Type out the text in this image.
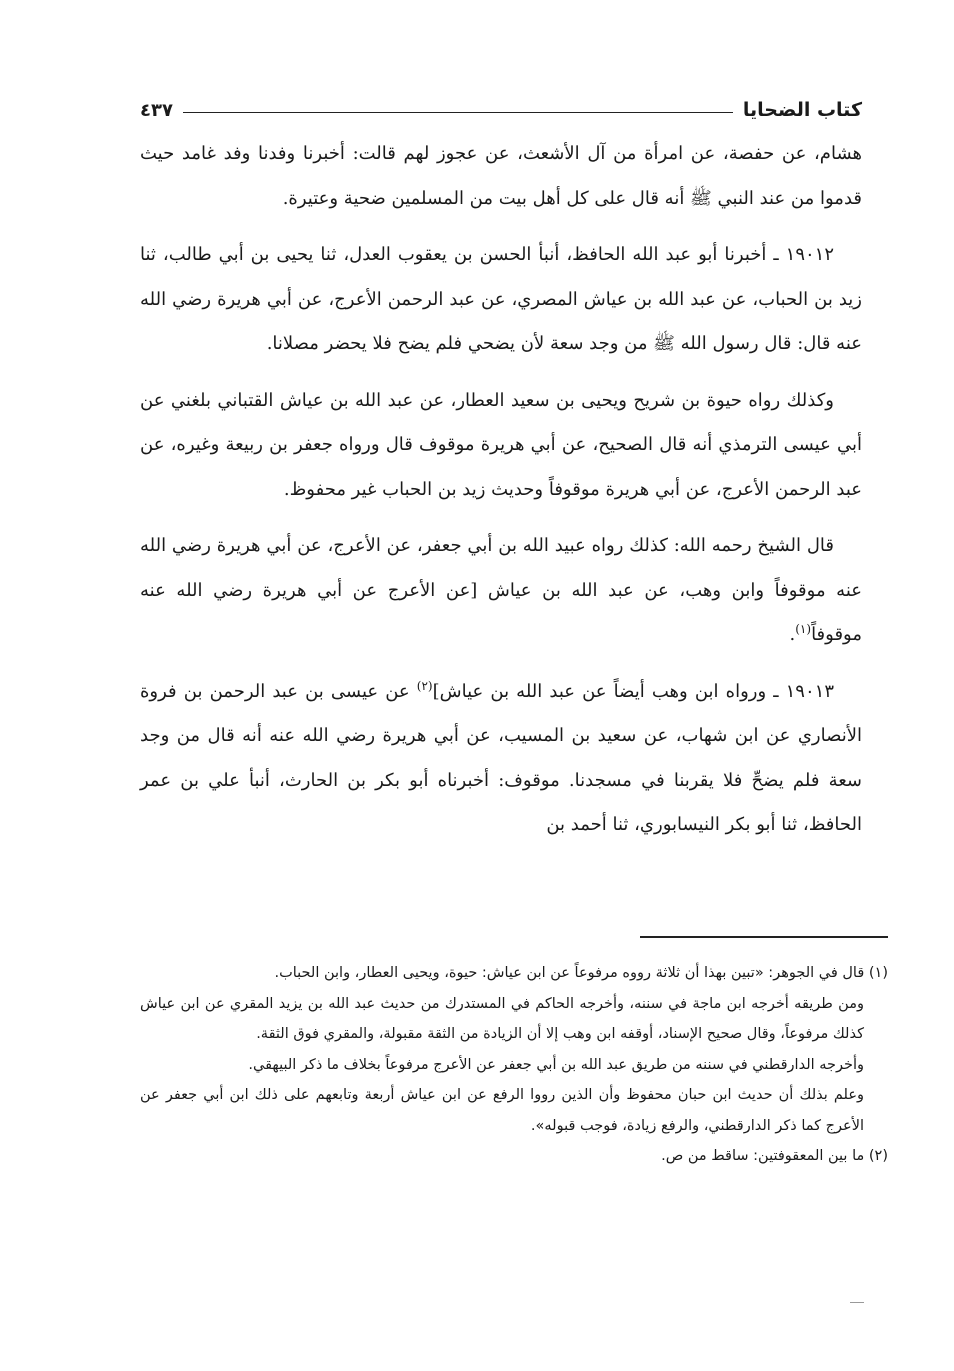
كتاب الضحايا
٤٣٧

هشام، عن حفصة، عن امرأة من آل الأشعث، عن عجوز لهم قالت: أخبرنا وفدنا وفد غامد حيث قدموا من عند النبي ﷺ أنه قال على كل أهل بيت من المسلمين ضحية وعتيرة.

١٩٠١٢ ـ أخبرنا أبو عبد الله الحافظ، أنبأ الحسن بن يعقوب العدل، ثنا يحيى بن أبي طالب، ثنا زيد بن الحباب، عن عبد الله بن عياش المصري، عن عبد الرحمن الأعرج، عن أبي هريرة رضي الله عنه قال: قال رسول الله ﷺ من وجد سعة لأن يضحي فلم يضح فلا يحضر مصلانا.

وكذلك رواه حيوة بن شريح ويحيى بن سعيد العطار، عن عبد الله بن عياش القتباني بلغني عن أبي عيسى الترمذي أنه قال الصحيح، عن أبي هريرة موقوف قال ورواه جعفر بن ربيعة وغيره، عن عبد الرحمن الأعرج، عن أبي هريرة موقوفاً وحديث زيد بن الحباب غير محفوظ.

قال الشيخ رحمه الله: كذلك رواه عبيد الله بن أبي جعفر، عن الأعرج، عن أبي هريرة رضي الله عنه موقوفاً وابن وهب، عن عبد الله بن عياش [عن الأعرج عن أبي هريرة رضي الله عنه موقوفاً$^{(١)}$.

١٩٠١٣ ـ ورواه ابن وهب أيضاً عن عبد الله بن عياش]$^{(٢)}$ عن عيسى بن عبد الرحمن بن فروة الأنصاري عن ابن شهاب، عن سعيد بن المسيب، عن أبي هريرة رضي الله عنه أنه قال من وجد سعة فلم يضحِّ فلا يقربنا في مسجدنا. موقوف: أخبرناه أبو بكر بن الحارث، أنبأ علي بن عمر الحافظ، ثنا أبو بكر النيسابوري، ثنا أحمد بن

(١) قال في الجوهر: «تبين بهذا أن ثلاثة رووه مرفوعاً عن ابن عياش: حيوة، ويحيى العطار، وابن الحباب.

ومن طريقه أخرجه ابن ماجة في سننه، وأخرجه الحاكم في المستدرك من حديث عبد الله بن يزيد المقري عن ابن عياش كذلك مرفوعاً، وقال صحيح الإسناد، أوقفه ابن وهب إلا أن الزيادة من الثقة مقبولة، والمقري فوق الثقة.

وأخرجه الدارقطني في سننه من طريق عبد الله بن أبي جعفر عن الأعرج مرفوعاً بخلاف ما ذكر البيهقي.

وعلم بذلك أن حديث ابن حبان محفوظ وأن الذين رووا الرفع عن ابن عياش أربعة وتابعهم على ذلك ابن أبي جعفر عن الأعرج كما ذكر الدارقطني، والرفع زيادة، فوجب قبوله».

(٢) ما بين المعقوفتين: ساقط من ص.
